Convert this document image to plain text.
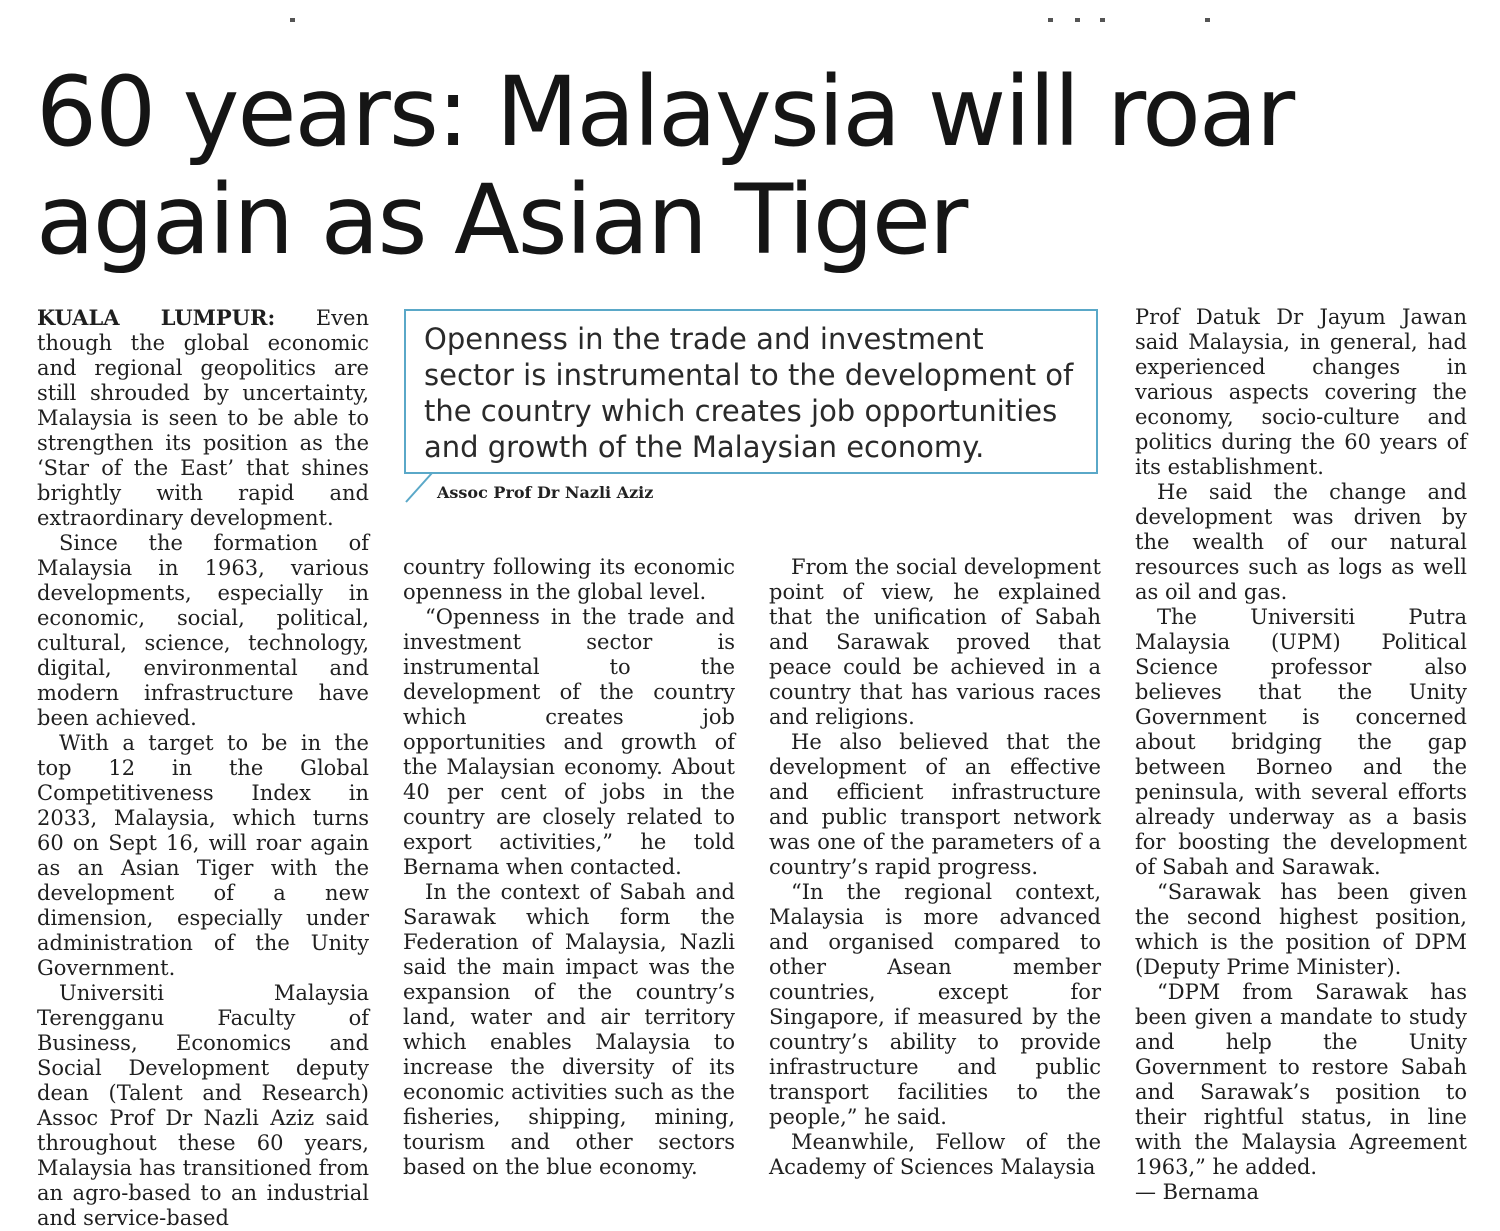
60 years: Malaysia will roar
again as Asian Tiger

KUALA LUMPUR: Even though the global economic and regional geopolitics are still shrouded by uncertainty, Malaysia is seen to be able to strengthen its position as the ‘Star of the East’ that shines brightly with rapid and extraordinary development.

Since the formation of Malaysia in 1963, various developments, especially in economic, social, political, cultural, science, technology, digital, environmental and modern infrastructure have been achieved.

With a target to be in the top 12 in the Global Competitiveness Index in 2033, Malaysia, which turns 60 on Sept 16, will roar again as an Asian Tiger with the development of a new dimension, especially under administration of the Unity Government.

Universiti Malaysia Terengganu Faculty of Business, Economics and Social Development deputy dean (Talent and Research) Assoc Prof Dr Nazli Aziz said throughout these 60 years, Malaysia has transitioned from an agro-based to an industrial and service-based

Openness in the trade and investment sector is instrumental to the development of the country which creates job opportunities and growth of the Malaysian economy.
Assoc Prof Dr Nazli Aziz

country following its economic openness in the global level.

“Openness in the trade and investment sector is instrumental to the development of the country which creates job opportunities and growth of the Malaysian economy. About 40 per cent of jobs in the country are closely related to export activities,” he told Bernama when contacted.

In the context of Sabah and Sarawak which form the Federation of Malaysia, Nazli said the main impact was the expansion of the country’s land, water and air territory which enables Malaysia to increase the diversity of its economic activities such as the fisheries, shipping, mining, tourism and other sectors based on the blue economy.

From the social development point of view, he explained that the unification of Sabah and Sarawak proved that peace could be achieved in a country that has various races and religions.

He also believed that the development of an effective and efficient infrastructure and public transport network was one of the parameters of a country’s rapid progress.

“In the regional context, Malaysia is more advanced and organised compared to other Asean member countries, except for Singapore, if measured by the country’s ability to provide infrastructure and public transport facilities to the people,” he said.

Meanwhile, Fellow of the Academy of Sciences Malaysia

Prof Datuk Dr Jayum Jawan said Malaysia, in general, had experienced changes in various aspects covering the economy, socio-culture and politics during the 60 years of its establishment.

He said the change and development was driven by the wealth of our natural resources such as logs as well as oil and gas.

The Universiti Putra Malaysia (UPM) Political Science professor also believes that the Unity Government is concerned about bridging the gap between Borneo and the peninsula, with several efforts already underway as a basis for boosting the development of Sabah and Sarawak.

“Sarawak has been given the second highest position, which is the position of DPM (Deputy Prime Minister).

“DPM from Sarawak has been given a mandate to study and help the Unity Government to restore Sabah and Sarawak’s position to their rightful status, in line with the Malaysia Agreement 1963,” he added.

— Bernama
